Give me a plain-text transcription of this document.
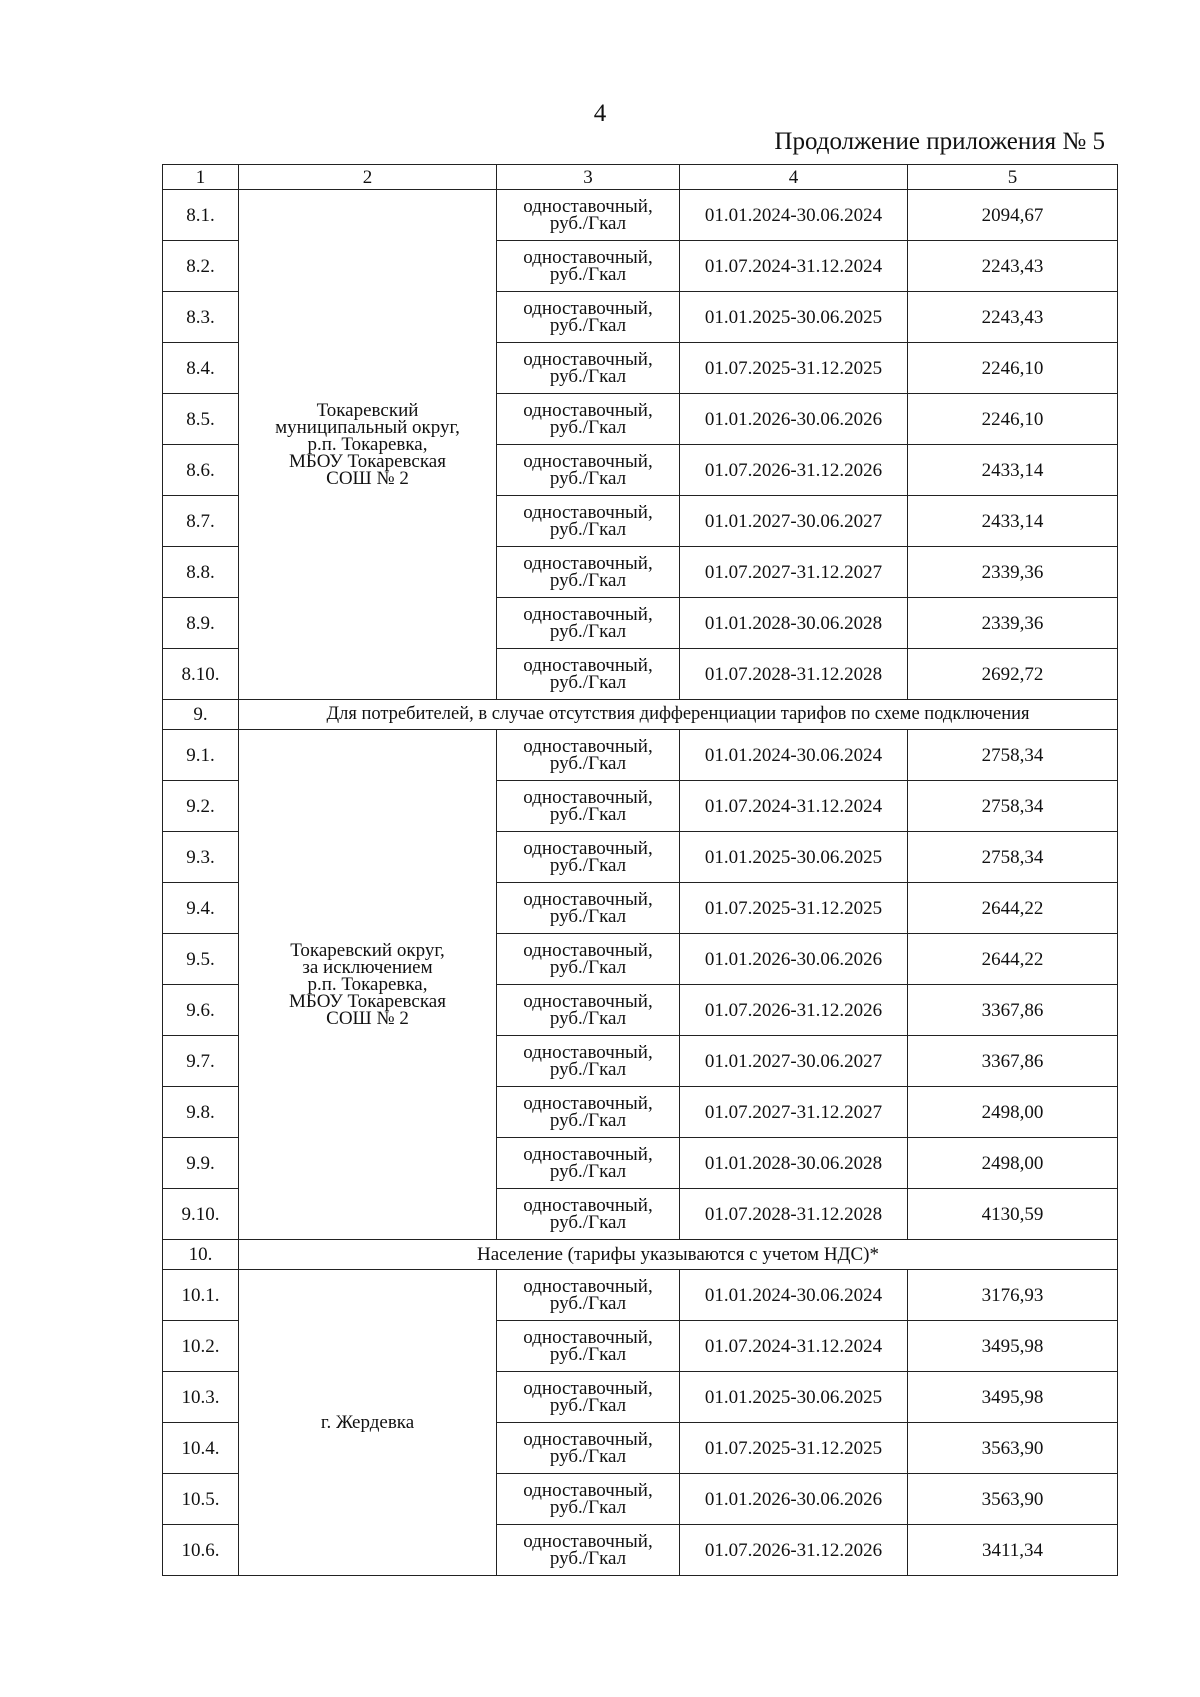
4
Продолжение приложения № 5
1	2	3	4	5
8.1.	Токаревский
муниципальный округ,
р.п. Токаревка,
МБОУ Токаревская
СОШ № 2	одноставочный,
руб./Гкал	01.01.2024-30.06.2024	2094,67
8.2.		одноставочный,
руб./Гкал	01.07.2024-31.12.2024	2243,43
8.3.		одноставочный,
руб./Гкал	01.01.2025-30.06.2025	2243,43
8.4.		одноставочный,
руб./Гкал	01.07.2025-31.12.2025	2246,10
8.5.		одноставочный,
руб./Гкал	01.01.2026-30.06.2026	2246,10
8.6.		одноставочный,
руб./Гкал	01.07.2026-31.12.2026	2433,14
8.7.		одноставочный,
руб./Гкал	01.01.2027-30.06.2027	2433,14
8.8.		одноставочный,
руб./Гкал	01.07.2027-31.12.2027	2339,36
8.9.		одноставочный,
руб./Гкал	01.01.2028-30.06.2028	2339,36
8.10.		одноставочный,
руб./Гкал	01.07.2028-31.12.2028	2692,72
9.	Для потребителей, в случае отсутствия дифференциации тарифов по схеме подключения			
9.1.	Токаревский округ,
за исключением
р.п. Токаревка,
МБОУ Токаревская
СОШ № 2	одноставочный,
руб./Гкал	01.01.2024-30.06.2024	2758,34
9.2.		одноставочный,
руб./Гкал	01.07.2024-31.12.2024	2758,34
9.3.		одноставочный,
руб./Гкал	01.01.2025-30.06.2025	2758,34
9.4.		одноставочный,
руб./Гкал	01.07.2025-31.12.2025	2644,22
9.5.		одноставочный,
руб./Гкал	01.01.2026-30.06.2026	2644,22
9.6.		одноставочный,
руб./Гкал	01.07.2026-31.12.2026	3367,86
9.7.		одноставочный,
руб./Гкал	01.01.2027-30.06.2027	3367,86
9.8.		одноставочный,
руб./Гкал	01.07.2027-31.12.2027	2498,00
9.9.		одноставочный,
руб./Гкал	01.01.2028-30.06.2028	2498,00
9.10.		одноставочный,
руб./Гкал	01.07.2028-31.12.2028	4130,59
10.	Население (тарифы указываются с учетом НДС)*			
10.1.	г. Жердевка	одноставочный,
руб./Гкал	01.01.2024-30.06.2024	3176,93
10.2.		одноставочный,
руб./Гкал	01.07.2024-31.12.2024	3495,98
10.3.		одноставочный,
руб./Гкал	01.01.2025-30.06.2025	3495,98
10.4.		одноставочный,
руб./Гкал	01.07.2025-31.12.2025	3563,90
10.5.		одноставочный,
руб./Гкал	01.01.2026-30.06.2026	3563,90
10.6.		одноставочный,
руб./Гкал	01.07.2026-31.12.2026	3411,34
